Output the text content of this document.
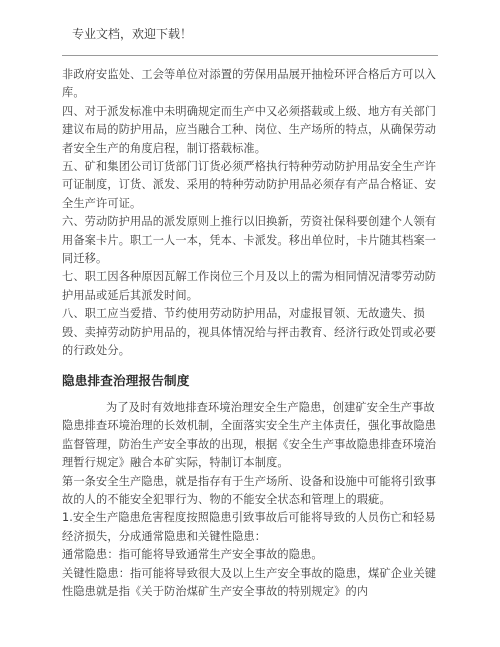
专业文档，欢迎下载！

非政府安监处、工会等单位对添置的劳保用品展开抽检环评合格后方可以入库。

四、对于派发标准中未明确规定而生产中又必须搭载或上级、地方有关部门建议布局的防护用品，应当融合工种、岗位、生产场所的特点，从确保劳动者安全生产的角度启程，制订搭载标准。

五、矿和集团公司订货部门订货必须严格执行特种劳动防护用品安全生产许可证制度，订货、派发、采用的特种劳动防护用品必须存有产品合格证、安全生产许可证。

六、劳动防护用品的派发原则上推行以旧换新，劳资社保科要创建个人领有用备案卡片。职工一人一本，凭本、卡派发。移出单位时，卡片随其档案一同迁移。

七、职工因各种原因瓦解工作岗位三个月及以上的需为相同情况清零劳动防护用品或延后其派发时间。

八、职工应当爱措、节约使用劳动防护用品，对虚报冒领、无故遗失、损毁、卖掉劳动防护用品的，视具体情况给与抨击教育、经济行政处罚或必要的行政处分。

隐患排查治理报告制度

为了及时有效地排查环境治理安全生产隐患，创建矿安全生产事故隐患排查环境治理的长效机制，全面落实安全生产主体责任，强化事故隐患监督管理，防治生产安全事故的出现，根据《安全生产事故隐患排查环境治理暂行规定》融合本矿实际，特制订本制度。

第一条安全生产隐患，就是指存有于生产场所、设备和设施中可能将引致事故的人的不能安全犯罪行为、物的不能安全状态和管理上的瑕疵。

1.安全生产隐患危害程度按照隐患引致事故后可能将导致的人员伤亡和轻易经济损失，分成通常隐患和关键性隐患：

通常隐患：指可能将导致通常生产安全事故的隐患。

关键性隐患：指可能将导致很大及以上生产安全事故的隐患，煤矿企业关键性隐患就是指《关于防治煤矿生产安全事故的特别规定》的内
